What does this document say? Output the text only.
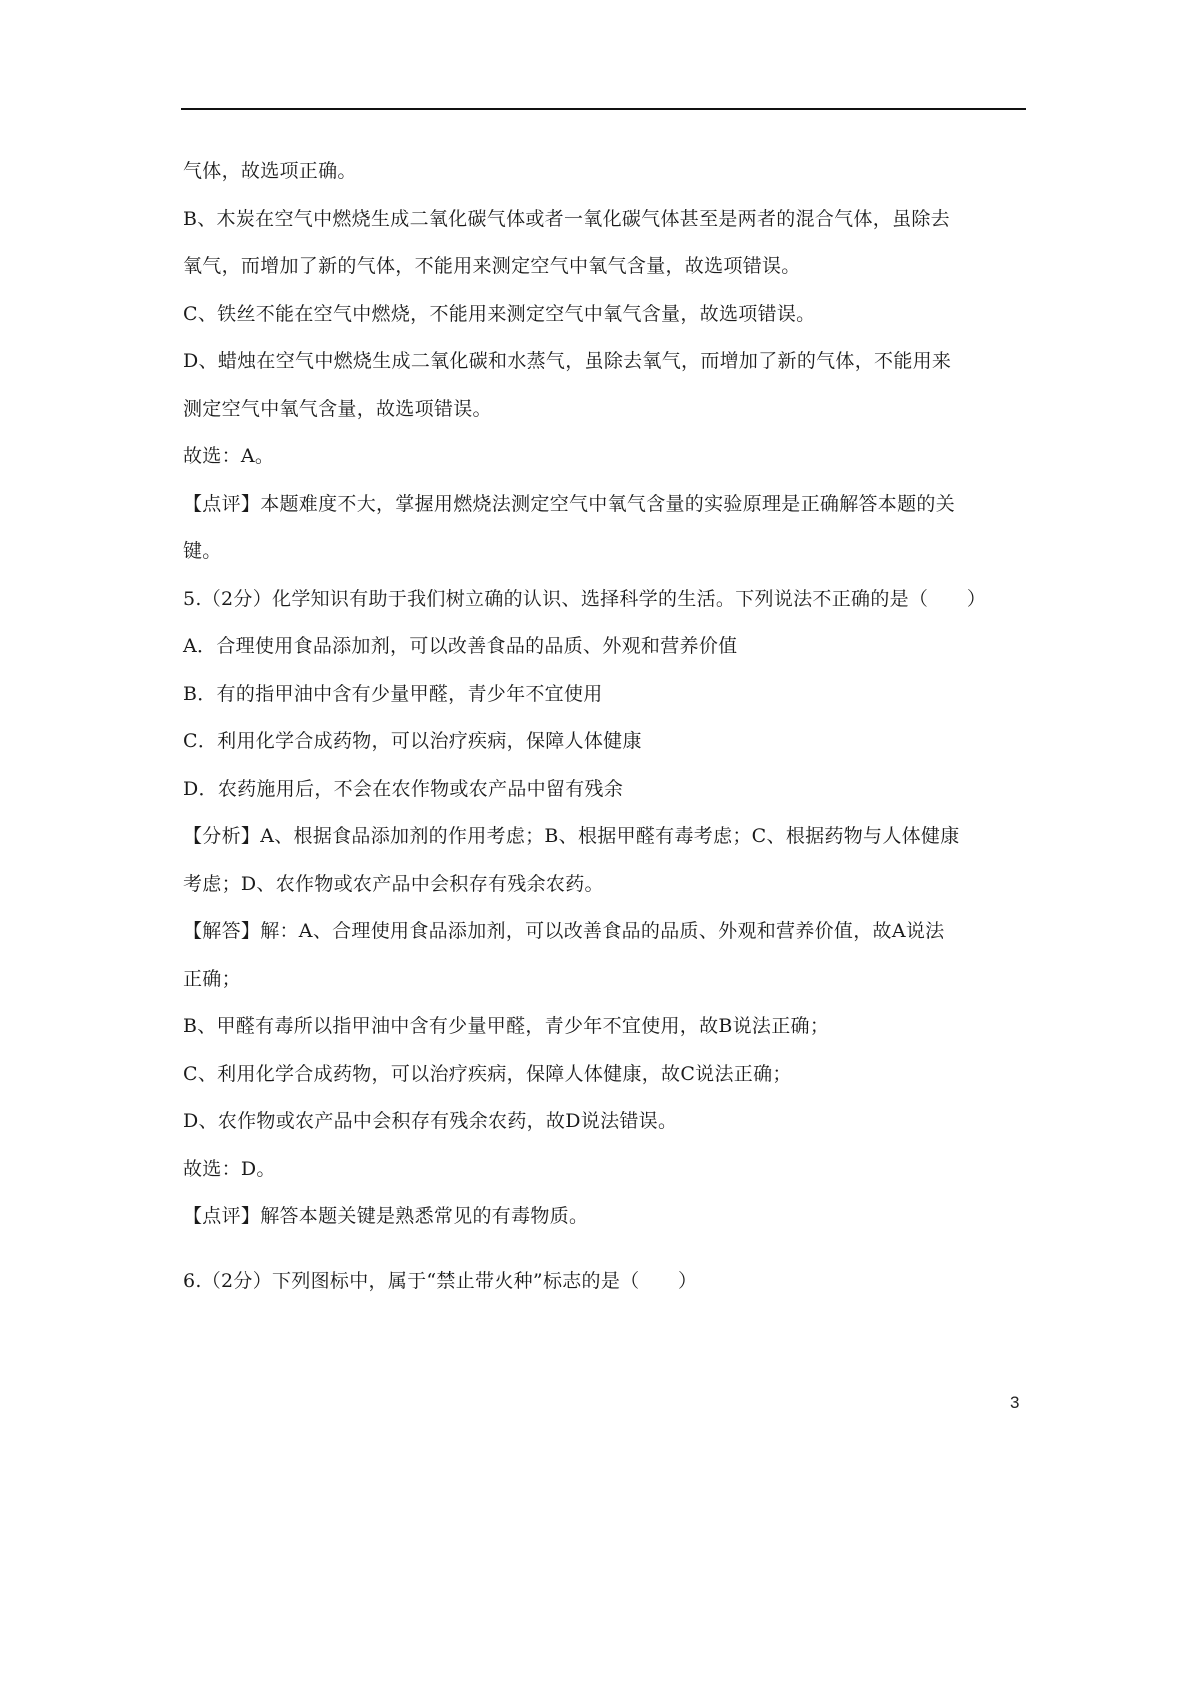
气体，故选项正确。
B、木炭在空气中燃烧生成二氧化碳气体或者一氧化碳气体甚至是两者的混合气体，虽除去
氧气，而增加了新的气体，不能用来测定空气中氧气含量，故选项错误。
C、铁丝不能在空气中燃烧，不能用来测定空气中氧气含量，故选项错误。
D、蜡烛在空气中燃烧生成二氧化碳和水蒸气，虽除去氧气，而增加了新的气体，不能用来
测定空气中氧气含量，故选项错误。
故选：A。
【点评】本题难度不大，掌握用燃烧法测定空气中氧气含量的实验原理是正确解答本题的关
键。
5.（2分）化学知识有助于我们树立确的认识、选择科学的生活。下列说法不正确的是（　　）
A．合理使用食品添加剂，可以改善食品的品质、外观和营养价值
B．有的指甲油中含有少量甲醛，青少年不宜使用
C．利用化学合成药物，可以治疗疾病，保障人体健康
D．农药施用后，不会在农作物或农产品中留有残余
【分析】A、根据食品添加剂的作用考虑；B、根据甲醛有毒考虑；C、根据药物与人体健康
考虑；D、农作物或农产品中会积存有残余农药。
【解答】解：A、合理使用食品添加剂，可以改善食品的品质、外观和营养价值，故A说法
正确；
B、甲醛有毒所以指甲油中含有少量甲醛，青少年不宜使用，故B说法正确；
C、利用化学合成药物，可以治疗疾病，保障人体健康，故C说法正确；
D、农作物或农产品中会积存有残余农药，故D说法错误。
故选：D。
【点评】解答本题关键是熟悉常见的有毒物质。
6.（2分）下列图标中，属于“禁止带火种”标志的是（　　）
3
